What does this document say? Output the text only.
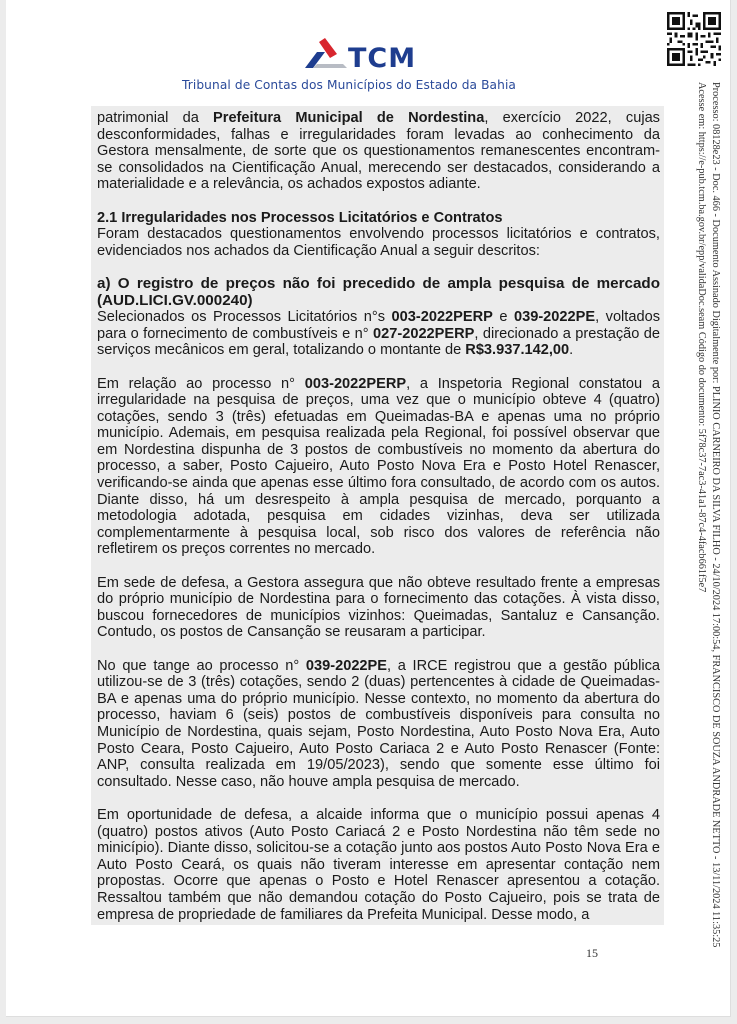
TCM
Tribunal de Contas dos Municípios do Estado da Bahia	Processo: 08128e23 - Doc. 466 - Documento Assinado Digitalmente por: PLINIO CARNEIRO DA SILVA FILHO - 24/10/2024 17:00:54, FRANCISCO DE SOUZA ANDRADE NETTO - 13/11/2024 11:35:25
Acesse em: https://e-pub.tcm.ba.gov.br/epp/validaDoc.seam Código do documento: 5f78c37-7ac3-41a1-87c4-4facb661f5e7

patrimonial da Prefeitura Municipal de Nordestina, exercício 2022, cujas desconformidades, falhas e irregularidades foram levadas ao conhecimento da Gestora mensalmente, de sorte que os questionamentos remanescentes encontram-se consolidados na Cientificação Anual, merecendo ser destacados, considerando a materialidade e a relevância, os achados expostos adiante.

2.1 Irregularidades nos Processos Licitatórios e Contratos

Foram destacados questionamentos envolvendo processos licitatórios e contratos, evidenciados nos achados da Cientificação Anual a seguir descritos:

a) O registro de preços não foi precedido de ampla pesquisa de mercado (AUD.LICI.GV.000240)

Selecionados os Processos Licitatórios n°s 003-2022PERP e 039-2022PE, voltados para o fornecimento de combustíveis e n° 027-2022PERP, direcionado a prestação de serviços mecânicos em geral, totalizando o montante de R$3.937.142,00.

Em relação ao processo n° 003-2022PERP, a Inspetoria Regional constatou a irregularidade na pesquisa de preços, uma vez que o município obteve 4 (quatro) cotações, sendo 3 (três) efetuadas em Queimadas-BA e apenas uma no próprio município. Ademais, em pesquisa realizada pela Regional, foi possível observar que em Nordestina dispunha de 3 postos de combustíveis no momento da abertura do processo, a saber, Posto Cajueiro, Auto Posto Nova Era e Posto Hotel Renascer, verificando-se ainda que apenas esse último fora consultado, de acordo com os autos. Diante disso, há um desrespeito à ampla pesquisa de mercado, porquanto a metodologia adotada, pesquisa em cidades vizinhas, deva ser utilizada complementarmente à pesquisa local, sob risco dos valores de referência não refletirem os preços correntes no mercado.

Em sede de defesa, a Gestora assegura que não obteve resultado frente a empresas do próprio município de Nordestina para o fornecimento das cotações. À vista disso, buscou fornecedores de municípios vizinhos: Queimadas, Santaluz e Cansanção. Contudo, os postos de Cansanção se reusaram a participar.

No que tange ao processo n° 039-2022PE, a IRCE registrou que a gestão pública utilizou-se de 3 (três) cotações, sendo 2 (duas) pertencentes à cidade de Queimadas-BA e apenas uma do próprio município. Nesse contexto, no momento da abertura do processo, haviam 6 (seis) postos de combustíveis disponíveis para consulta no Município de Nordestina, quais sejam, Posto Nordestina, Auto Posto Nova Era, Auto Posto Ceara, Posto Cajueiro, Auto Posto Cariaca 2 e Auto Posto Renascer (Fonte: ANP, consulta realizada em 19/05/2023), sendo que somente esse último foi consultado. Nesse caso, não houve ampla pesquisa de mercado.

Em oportunidade de defesa, a alcaide informa que o município possui apenas 4 (quatro) postos ativos (Auto Posto Cariacá 2 e Posto Nordestina não têm sede no minicípio). Diante disso, solicitou-se a cotação junto aos postos Auto Posto Nova Era e Auto Posto Ceará, os quais não tiveram interesse em apresentar contação nem propostas. Ocorre que apenas o Posto e Hotel Renascer apresentou a cotação. Ressaltou também que não demandou cotação do Posto Cajueiro, pois se trata de empresa de propriedade de familiares da Prefeita Municipal. Desse modo, a

15
